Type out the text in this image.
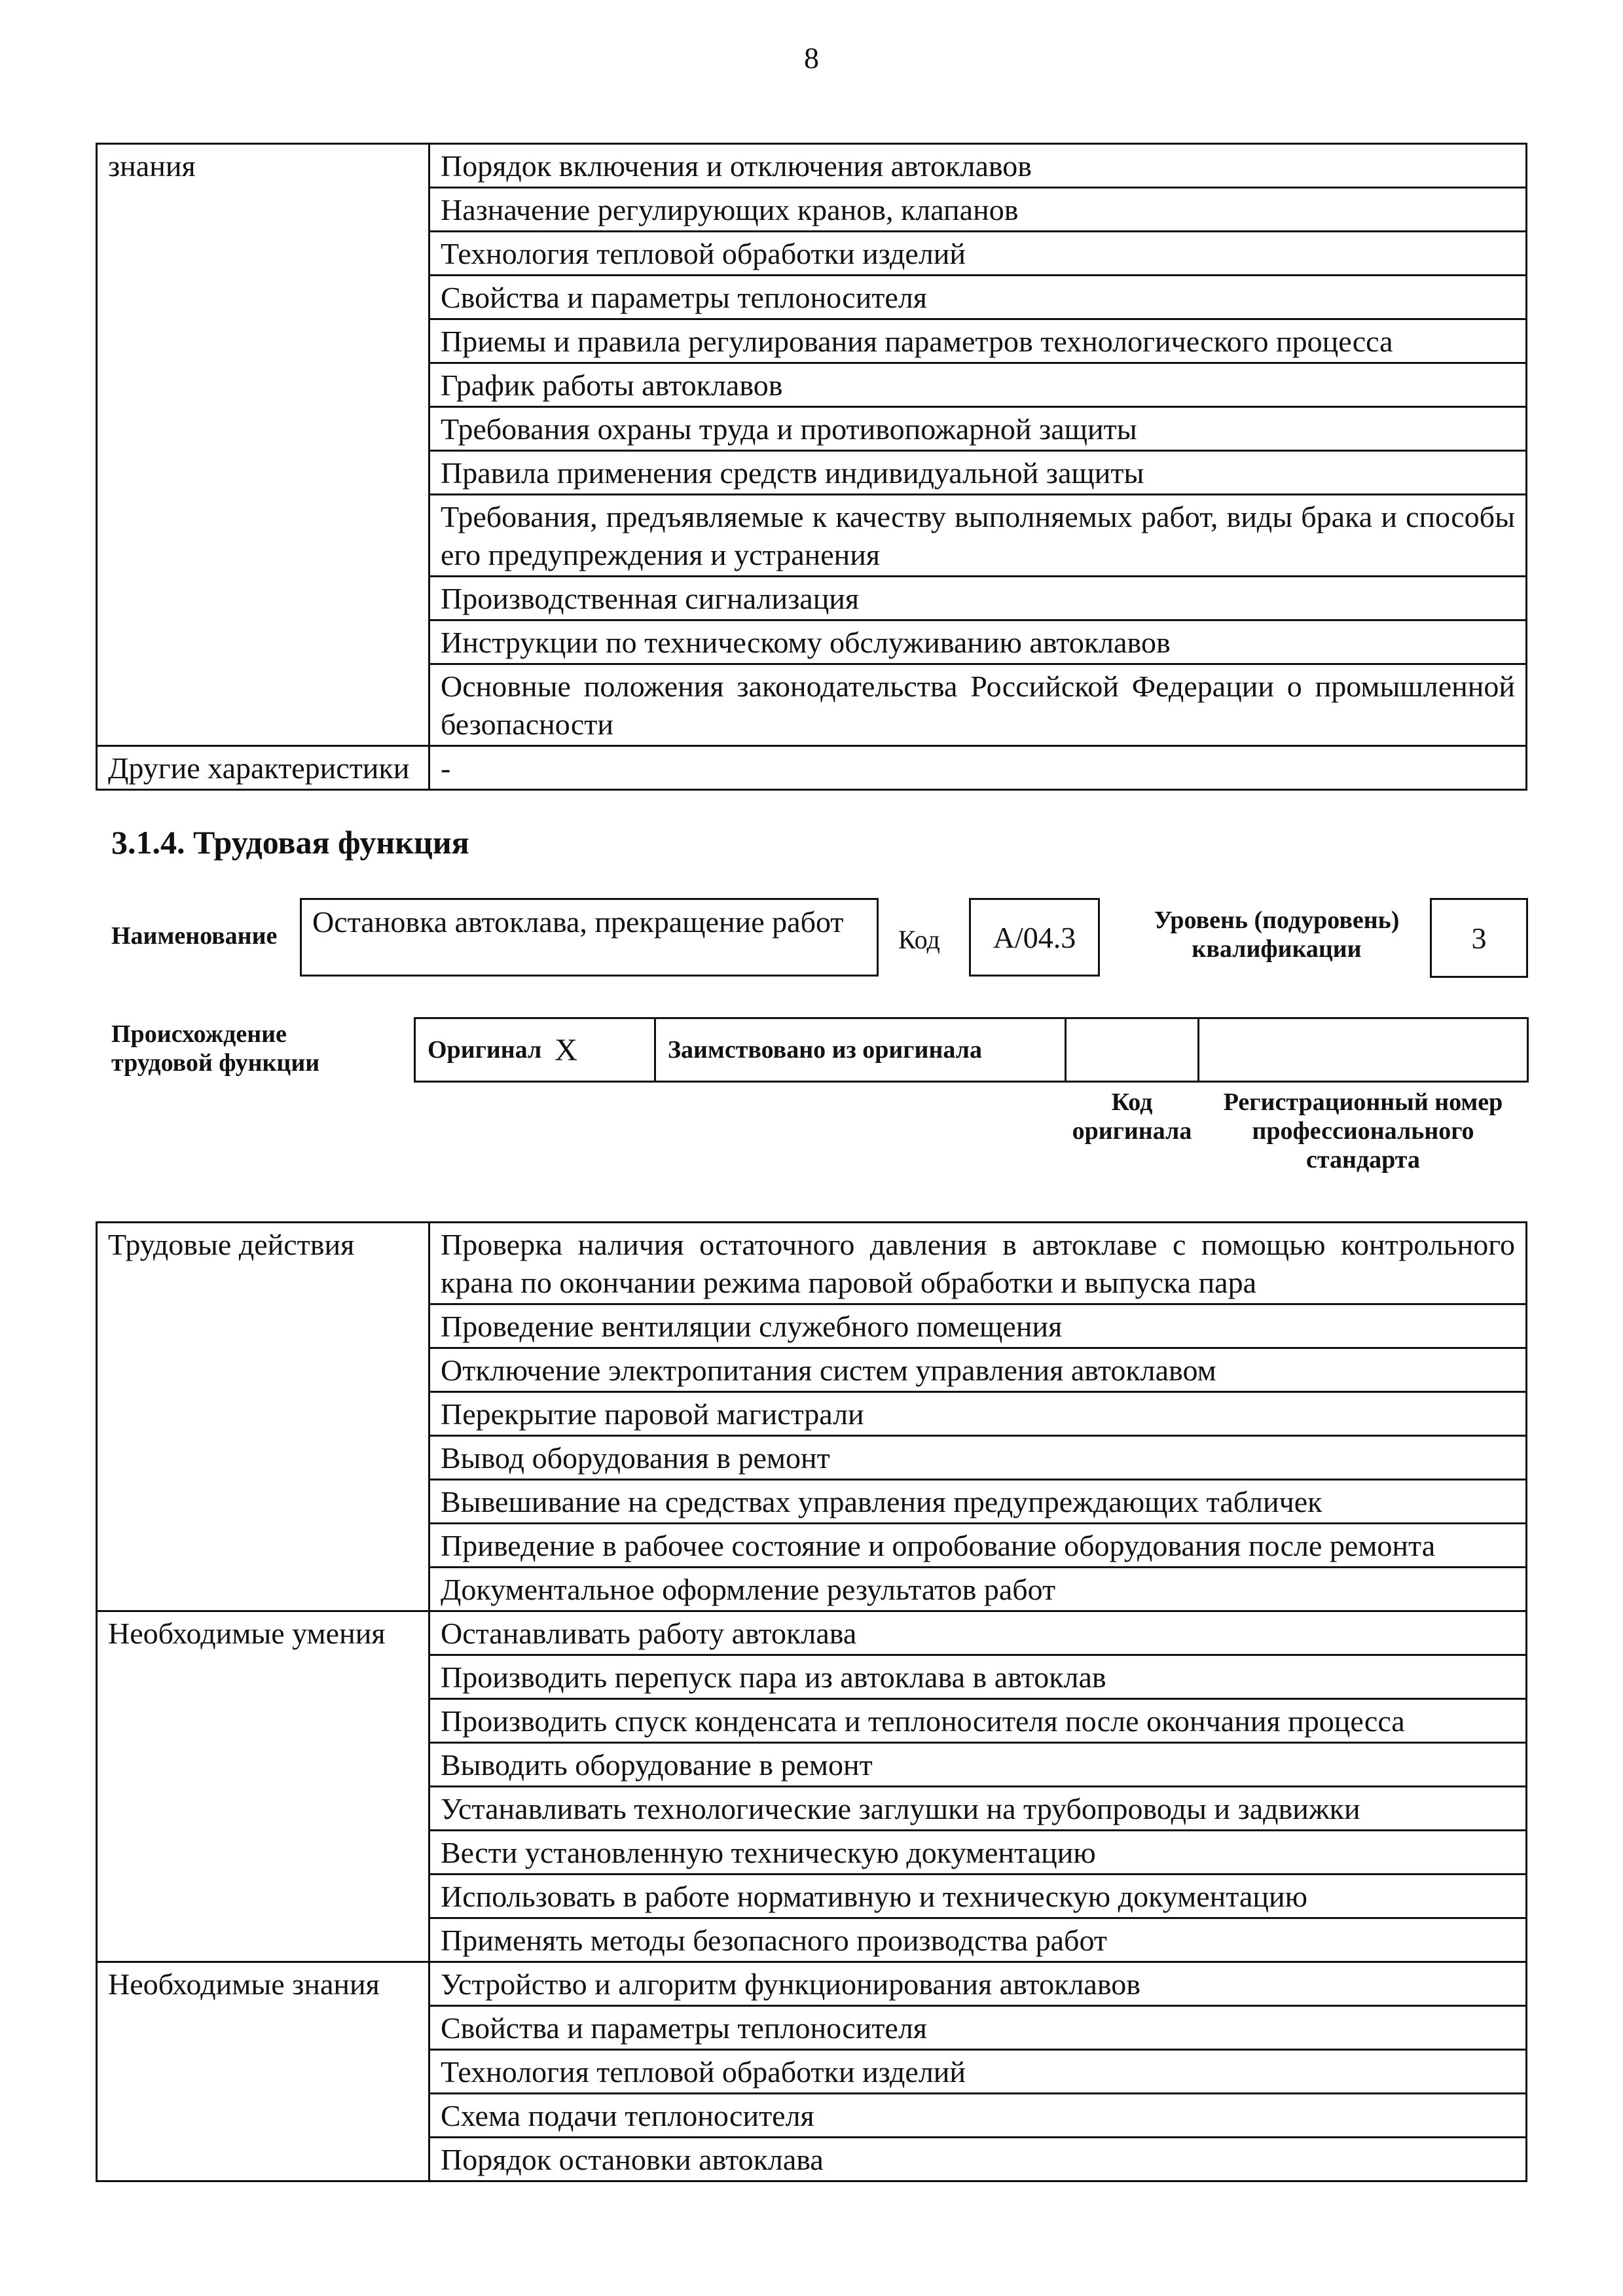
8
знания	Порядок включения и отключения автоклавов
	Назначение регулирующих кранов, клапанов
	Технология тепловой обработки изделий
	Свойства и параметры теплоносителя
	Приемы и правила регулирования параметров технологического процесса
	График работы автоклавов
	Требования охраны труда и противопожарной защиты
	Правила применения средств индивидуальной защиты
	Требования, предъявляемые к качеству выполняемых работ, виды брака и способы его предупреждения и устранения
	Производственная сигнализация
	Инструкции по техническому обслуживанию автоклавов
	Основные положения законодательства Российской Федерации о промышленной безопасности
Другие характеристики	-
3.1.4. Трудовая функция
Наименование	Остановка автоклава, прекращение работ
Код А/04.3
Уровень (подуровень) квалификации	3
Происхождение трудовой функции	Оригинал X	Заимствовано из оригинала
Код оригинала
Регистрационный номер профессионального стандарта
Трудовые действия	Проверка наличия остаточного давления в автоклаве с помощью контрольного крана по окончании режима паровой обработки и выпуска пара
	Проведение вентиляции служебного помещения
	Отключение электропитания систем управления автоклавом
	Перекрытие паровой магистрали
	Вывод оборудования в ремонт
	Вывешивание на средствах управления предупреждающих табличек
	Приведение в рабочее состояние и опробование оборудования после ремонта
	Документальное оформление результатов работ
Необходимые умения	Останавливать работу автоклава
	Производить перепуск пара из автоклава в автоклав
	Производить спуск конденсата и теплоносителя после окончания процесса
	Выводить оборудование в ремонт
	Устанавливать технологические заглушки на трубопроводы и задвижки
	Вести установленную техническую документацию
	Использовать в работе нормативную и техническую документацию
	Применять методы безопасного производства работ
Необходимые знания	Устройство и алгоритм функционирования автоклавов
	Свойства и параметры теплоносителя
	Технология тепловой обработки изделий
	Схема подачи теплоносителя
	Порядок остановки автоклава
